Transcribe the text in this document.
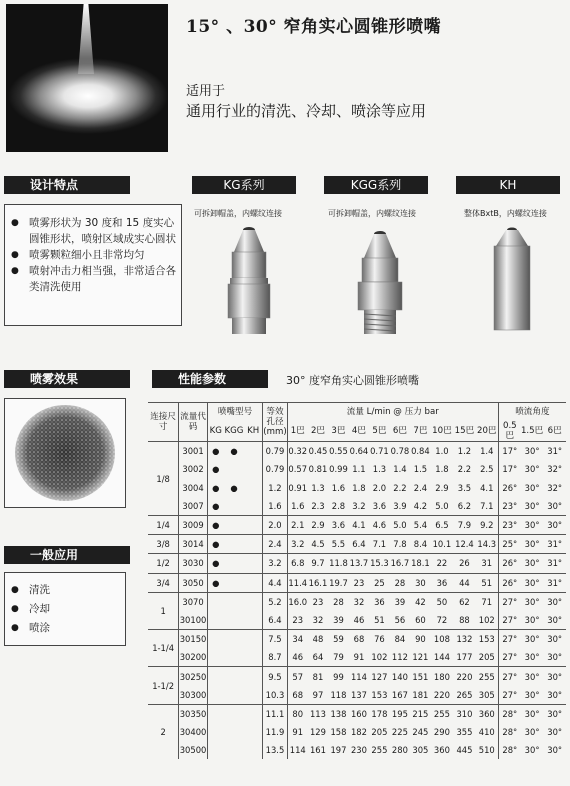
15° 、30° 窄角实心圆锥形喷嘴
适用于
通用行业的清洗、冷却、喷涂等应用
设计特点
● 喷雾形状为 30 度和 15 度实心圆锥形状，喷射区域成实心圆状
● 喷雾颗粒细小且非常均匀
● 喷射冲击力相当强，非常适合各类清洗使用
KG系列	KGG系列	KH
可拆卸帽盖，内螺纹连接	可拆卸帽盖，内螺纹连接	整体BxtB，内螺纹连接
喷雾效果
一般应用
● 清洗
● 冷却
● 喷涂
性能参数	30° 度窄角实心圆锥形喷嘴
连接尺寸	流量代码	喷嘴型号			等效孔径(mm)	流量 L/min @ 压力 bar										喷流角度		
		KG	KGG	KH		1巴	2巴	3巴	4巴	5巴	6巴	7巴	10巴	15巴	20巴	0.5巴	1.5巴	6巴

1/8	3001	●	●		0.79	0.32	0.45	0.55	0.64	0.71	0.78	0.84	1.0	1.2	1.4	17°	30°	31°
	3002	●			0.79	0.57	0.81	0.99	1.1	1.3	1.4	1.5	1.8	2.2	2.5	17°	30°	32°
	3004	●	●		1.2	0.91	1.3	1.6	1.8	2.0	2.2	2.4	2.9	3.5	4.1	26°	30°	32°
	3007	●			1.6	1.6	2.3	2.8	3.2	3.6	3.9	4.2	5.0	6.2	7.1	23°	30°	30°
1/4	3009	●			2.0	2.1	2.9	3.6	4.1	4.6	5.0	5.4	6.5	7.9	9.2	23°	30°	30°
3/8	3014	●			2.4	3.2	4.5	5.5	6.4	7.1	7.8	8.4	10.1	12.4	14.3	25°	30°	31°
1/2	3030	●			3.2	6.8	9.7	11.8	13.7	15.3	16.7	18.1	22	26	31	26°	30°	31°
3/4	3050	●			4.4	11.4	16.1	19.7	23	25	28	30	36	44	51	26°	30°	31°
1	3070				5.2	16.0	23	28	32	36	39	42	50	62	71	27°	30°	30°
	30100				6.4	23	32	39	46	51	56	60	72	88	102	27°	30°	30°
1-1/4	30150				7.5	34	48	59	68	76	84	90	108	132	153	27°	30°	30°
	30200				8.7	46	64	79	91	102	112	121	144	177	205	27°	30°	30°
1-1/2	30250				9.5	57	81	99	114	127	140	151	180	220	255	27°	30°	30°
	30300				10.3	68	97	118	137	153	167	181	220	265	305	27°	30°	30°
2	30350				11.1	80	113	138	160	178	195	215	255	310	360	28°	30°	30°
	30400				11.9	91	129	158	182	205	225	245	290	355	410	28°	30°	30°
	30500				13.5	114	161	197	230	255	280	305	360	445	510	28°	30°	30°
